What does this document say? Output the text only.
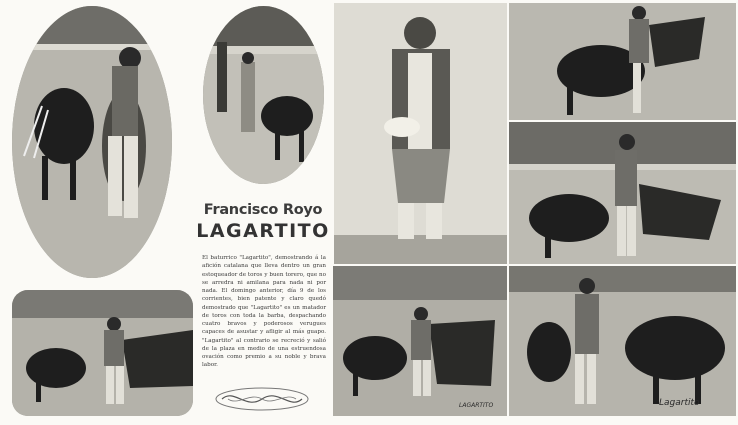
Francisco Royo
LAGARTITO

El baturrico "Lagartito", demostrando á la afición catalana que lleva dentro un gran estoqueador de toros y buen torero, que no se arredra ni amilana para nada ni por nada. El domingo anterior, día 9 de los corrientes, bien patente y claro quedó demostrado que "Lagartito" es un matador de toros con toda la barba, despachando cuatro bravos y poderosos verugues capaces de asustar y afligir al más guapo. "Lagartito" al contrario se recreció y salió de la plaza en medio de una estruendosa ovación como premio a su noble y brava labor.

LAGARTITO	Lagartito
